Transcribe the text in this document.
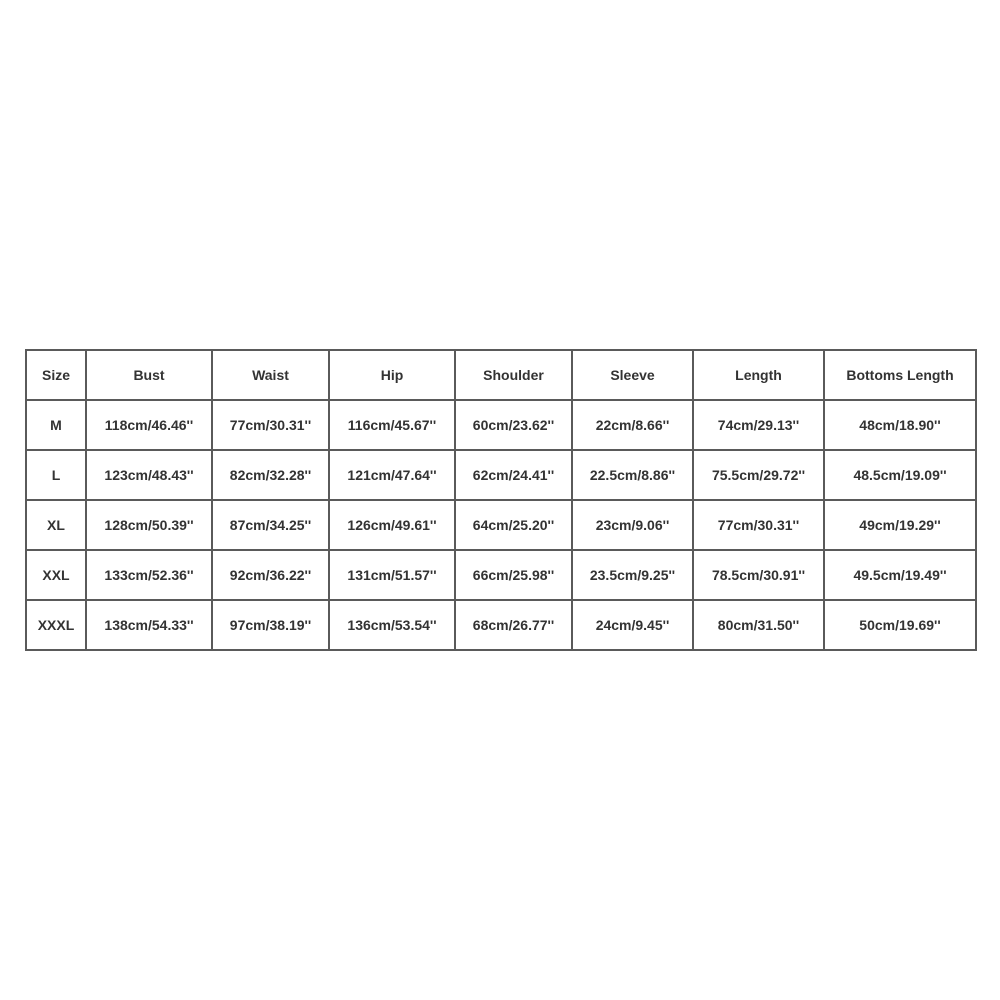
Size	Bust	Waist	Hip	Shoulder	Sleeve	Length	Bottoms Length
M	118cm/46.46''	77cm/30.31''	116cm/45.67''	60cm/23.62''	22cm/8.66''	74cm/29.13''	48cm/18.90''
L	123cm/48.43''	82cm/32.28''	121cm/47.64''	62cm/24.41''	22.5cm/8.86''	75.5cm/29.72''	48.5cm/19.09''
XL	128cm/50.39''	87cm/34.25''	126cm/49.61''	64cm/25.20''	23cm/9.06''	77cm/30.31''	49cm/19.29''
XXL	133cm/52.36''	92cm/36.22''	131cm/51.57''	66cm/25.98''	23.5cm/9.25''	78.5cm/30.91''	49.5cm/19.49''
XXXL	138cm/54.33''	97cm/38.19''	136cm/53.54''	68cm/26.77''	24cm/9.45''	80cm/31.50''	50cm/19.69''
